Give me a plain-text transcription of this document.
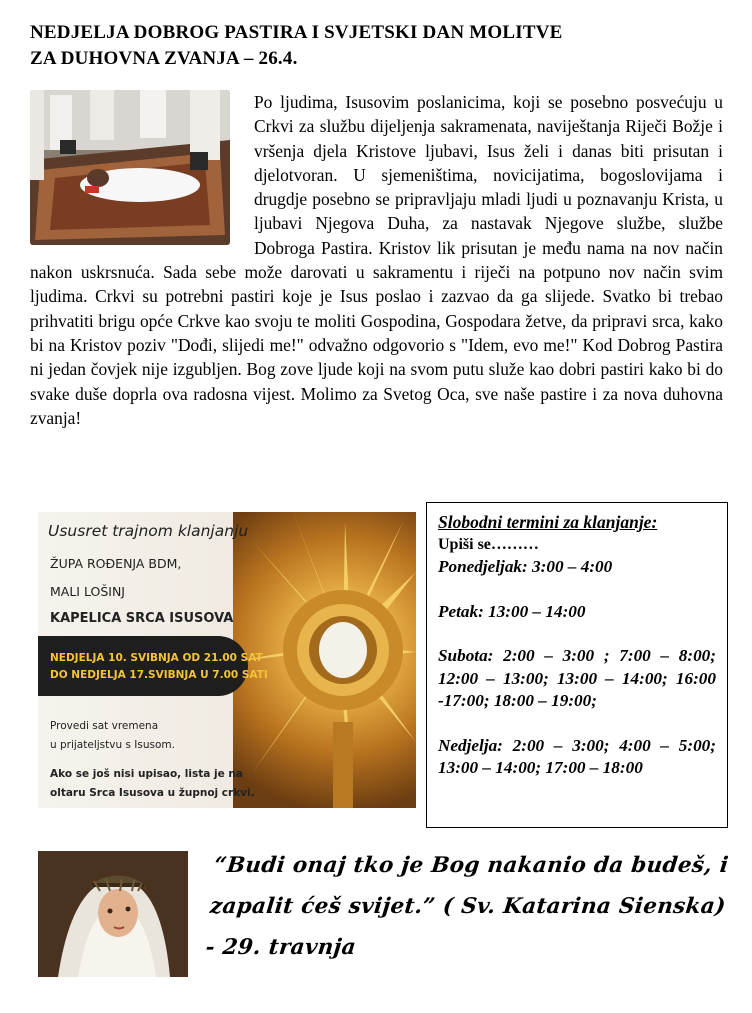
NEDJELJA DOBROG PASTIRA I SVJETSKI DAN MOLITVE
ZA DUHOVNA ZVANJA – 26.4.
Po ljudima, Isusovim poslanicima, koji se posebno posvećuju u Crkvi za službu dijeljenja sakramenata, naviještanja Riječi Božje i vršenja djela Kristove ljubavi, Isus želi i danas biti prisutan i djelotvoran. U sjemeništima, novicijatima, bogoslovijama i drugdje posebno se pripravljaju mladi ljudi u poznavanju Krista, u ljubavi Njegova Duha, za nastavak Njegove službe, službe Dobroga Pastira. Kristov lik prisutan je među nama na nov način nakon uskrsnuća. Sada sebe može darovati u sakramentu i riječi na potpuno nov način svim ljudima. Crkvi su potrebni pastiri koje je Isus poslao i zazvao da ga slijede. Svatko bi trebao prihvatiti brigu opće Crkve kao svoju te moliti Gospodina, Gospodara žetve, da pripravi srca, kako bi na Kristov poziv "Dođi, slijedi me!" odvažno odgovorio s "Idem, evo me!" Kod Dobrog Pastira ni jedan čovjek nije izgubljen. Bog zove ljude koji na svom putu služe kao dobri pastiri kako bi do svake duše doprla ova radosna vijest. Molimo za Svetog Oca, sve naše pastire i za nova duhovna zvanja!
Ususret trajnom klanjanju
ŽUPA ROĐENJA BDM,
MALI LOŠINJ
KAPELICA SRCA ISUSOVA
NEDJELJA 10. SVIBNJA OD 21.00 SAT
DO NEDJELJA 17.SVIBNJA U 7.00 SATI
Provedi sat vremena
u prijateljstvu s Isusom.
Ako se još nisi upisao, lista je na
oltaru Srca Isusova u župnoj crkvi.
Slobodni termini za klanjanje:
Upiši se………
Ponedjeljak: 3:00 – 4:00
Petak: 13:00 – 14:00
Subota: 2:00 – 3:00 ; 7:00 – 8:00; 12:00 – 13:00; 13:00 – 14:00; 16:00 -17:00; 18:00 – 19:00;
Nedjelja: 2:00 – 3:00; 4:00 – 5:00; 13:00 – 14:00; 17:00 – 18:00
“Budi onaj tko je Bog nakanio da budeš, i
zapalit ćeš svijet.” ( Sv. Katarina Sienska)
- 29. travnja
